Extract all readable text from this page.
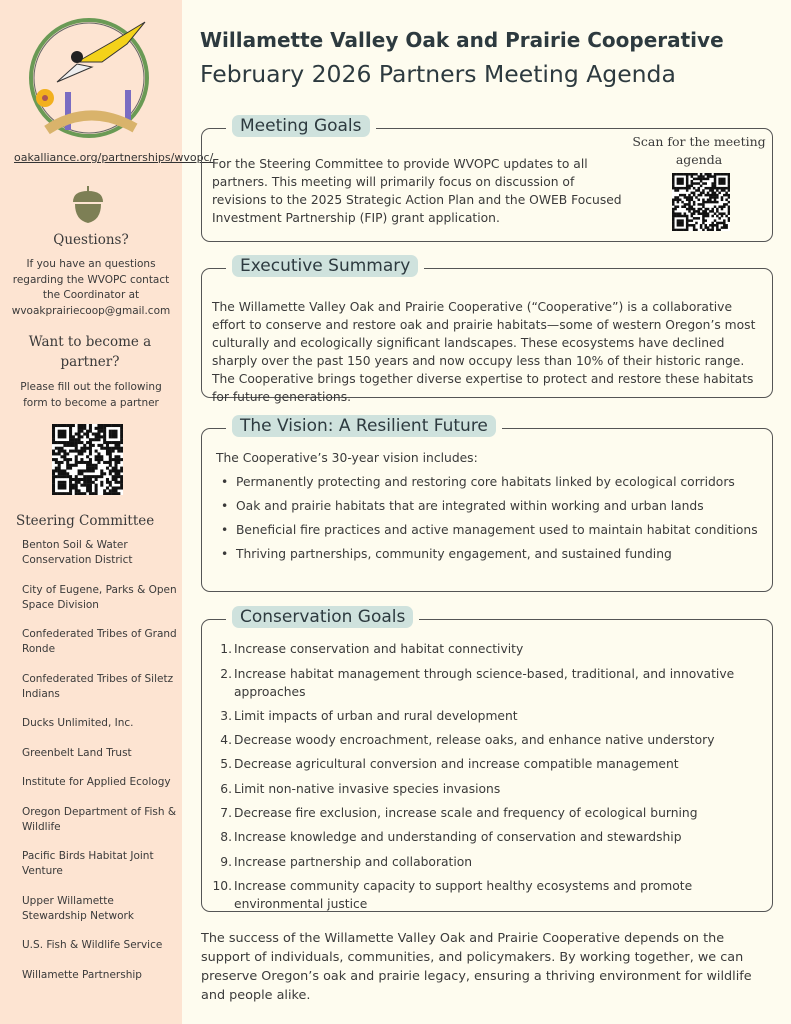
oakalliance.org/partnerships/wvopc/
Questions?
If you have an questions regarding the WVOPC contact the Coordinator at wvoakprairiecoop@gmail.com
Want to become a partner?
Please fill out the following form to become a partner
Steering Committee
Benton Soil & Water Conservation District
City of Eugene, Parks & Open Space Division
Confederated Tribes of Grand Ronde
Confederated Tribes of Siletz Indians
Ducks Unlimited, Inc.
Greenbelt Land Trust
Institute for Applied Ecology
Oregon Department of Fish & Wildlife
Pacific Birds Habitat Joint Venture
Upper Willamette Stewardship Network
U.S. Fish & Wildlife Service
Willamette Partnership
Willamette Valley Oak and Prairie Cooperative
February 2026 Partners Meeting Agenda
Meeting Goals
For the Steering Committee to provide WVOPC updates to all partners. This meeting will primarily focus on discussion of revisions to the 2025 Strategic Action Plan and the OWEB Focused Investment Partnership (FIP) grant application.
Scan for the meeting agenda
Executive Summary
The Willamette Valley Oak and Prairie Cooperative (“Cooperative”) is a collaborative effort to conserve and restore oak and prairie habitats—some of western Oregon’s most culturally and ecologically significant landscapes. These ecosystems have declined sharply over the past 150 years and now occupy less than 10% of their historic range. The Cooperative brings together diverse expertise to protect and restore these habitats for future generations.
The Vision: A Resilient Future
The Cooperative’s 30-year vision includes:
• Permanently protecting and restoring core habitats linked by ecological corridors
• Oak and prairie habitats that are integrated within working and urban lands
• Beneficial fire practices and active management used to maintain habitat conditions
• Thriving partnerships, community engagement, and sustained funding
Conservation Goals
1. Increase conservation and habitat connectivity
2. Increase habitat management through science-based, traditional, and innovative approaches
3. Limit impacts of urban and rural development
4. Decrease woody encroachment, release oaks, and enhance native understory
5. Decrease agricultural conversion and increase compatible management
6. Limit non-native invasive species invasions
7. Decrease fire exclusion, increase scale and frequency of ecological burning
8. Increase knowledge and understanding of conservation and stewardship
9. Increase partnership and collaboration
10. Increase community capacity to support healthy ecosystems and promote environmental justice
The success of the Willamette Valley Oak and Prairie Cooperative depends on the support of individuals, communities, and policymakers. By working together, we can preserve Oregon’s oak and prairie legacy, ensuring a thriving environment for wildlife and people alike.
